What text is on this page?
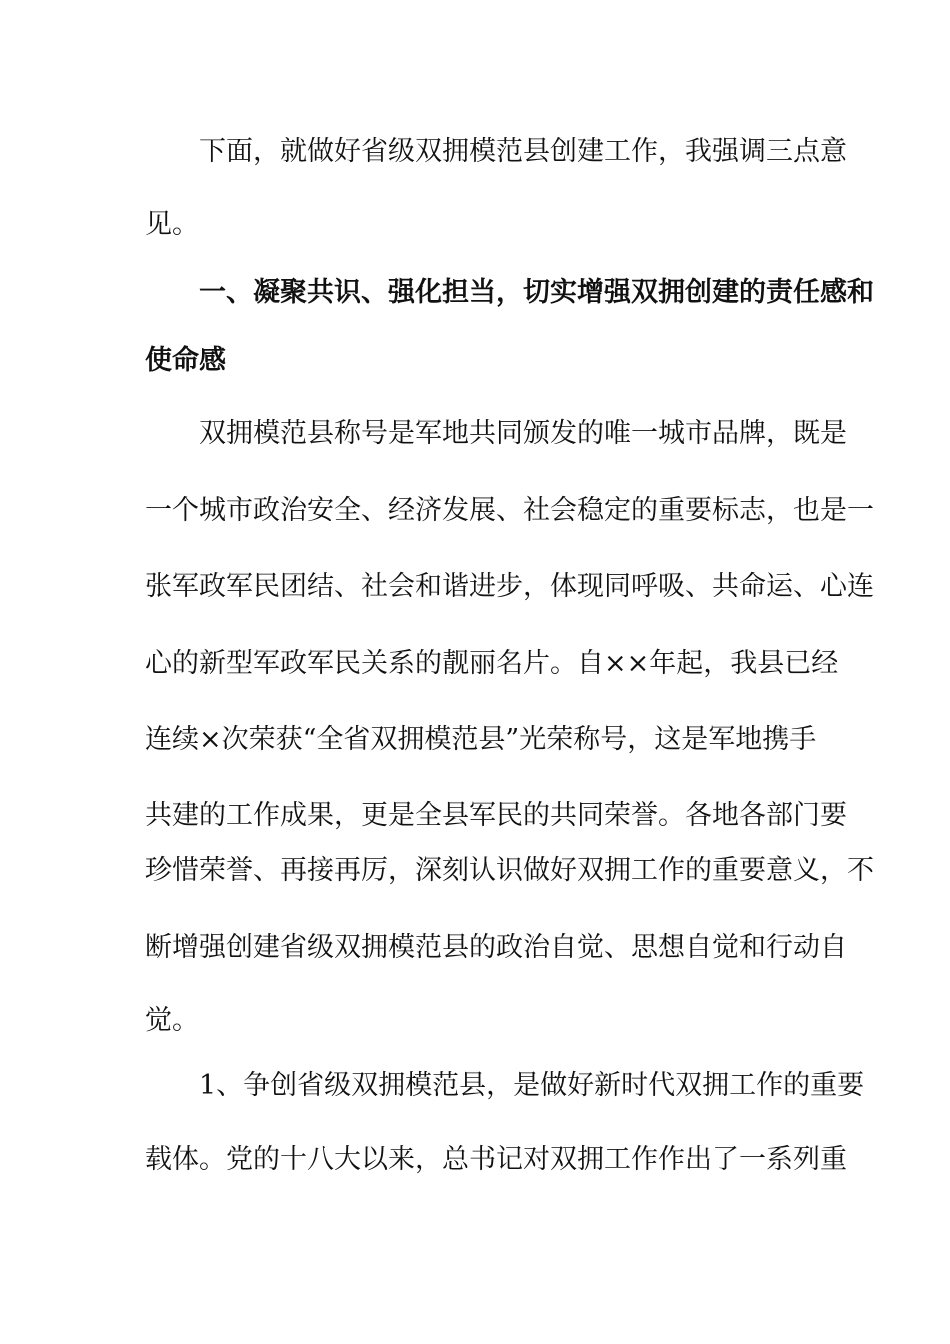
下面，就做好省级双拥模范县创建工作，我强调三点意
见。
一、凝聚共识、强化担当，切实增强双拥创建的责任感和
使命感
双拥模范县称号是军地共同颁发的唯一城市品牌，既是
一个城市政治安全、经济发展、社会稳定的重要标志，也是一
张军政军民团结、社会和谐进步，体现同呼吸、共命运、心连
心的新型军政军民关系的靓丽名片。自××年起，我县已经
连续×次荣获“全省双拥模范县”光荣称号，这是军地携手
共建的工作成果，更是全县军民的共同荣誉。各地各部门要
珍惜荣誉、再接再厉，深刻认识做好双拥工作的重要意义，不
断增强创建省级双拥模范县的政治自觉、思想自觉和行动自
觉。
1、争创省级双拥模范县，是做好新时代双拥工作的重要
载体。党的十八大以来，总书记对双拥工作作出了一系列重
